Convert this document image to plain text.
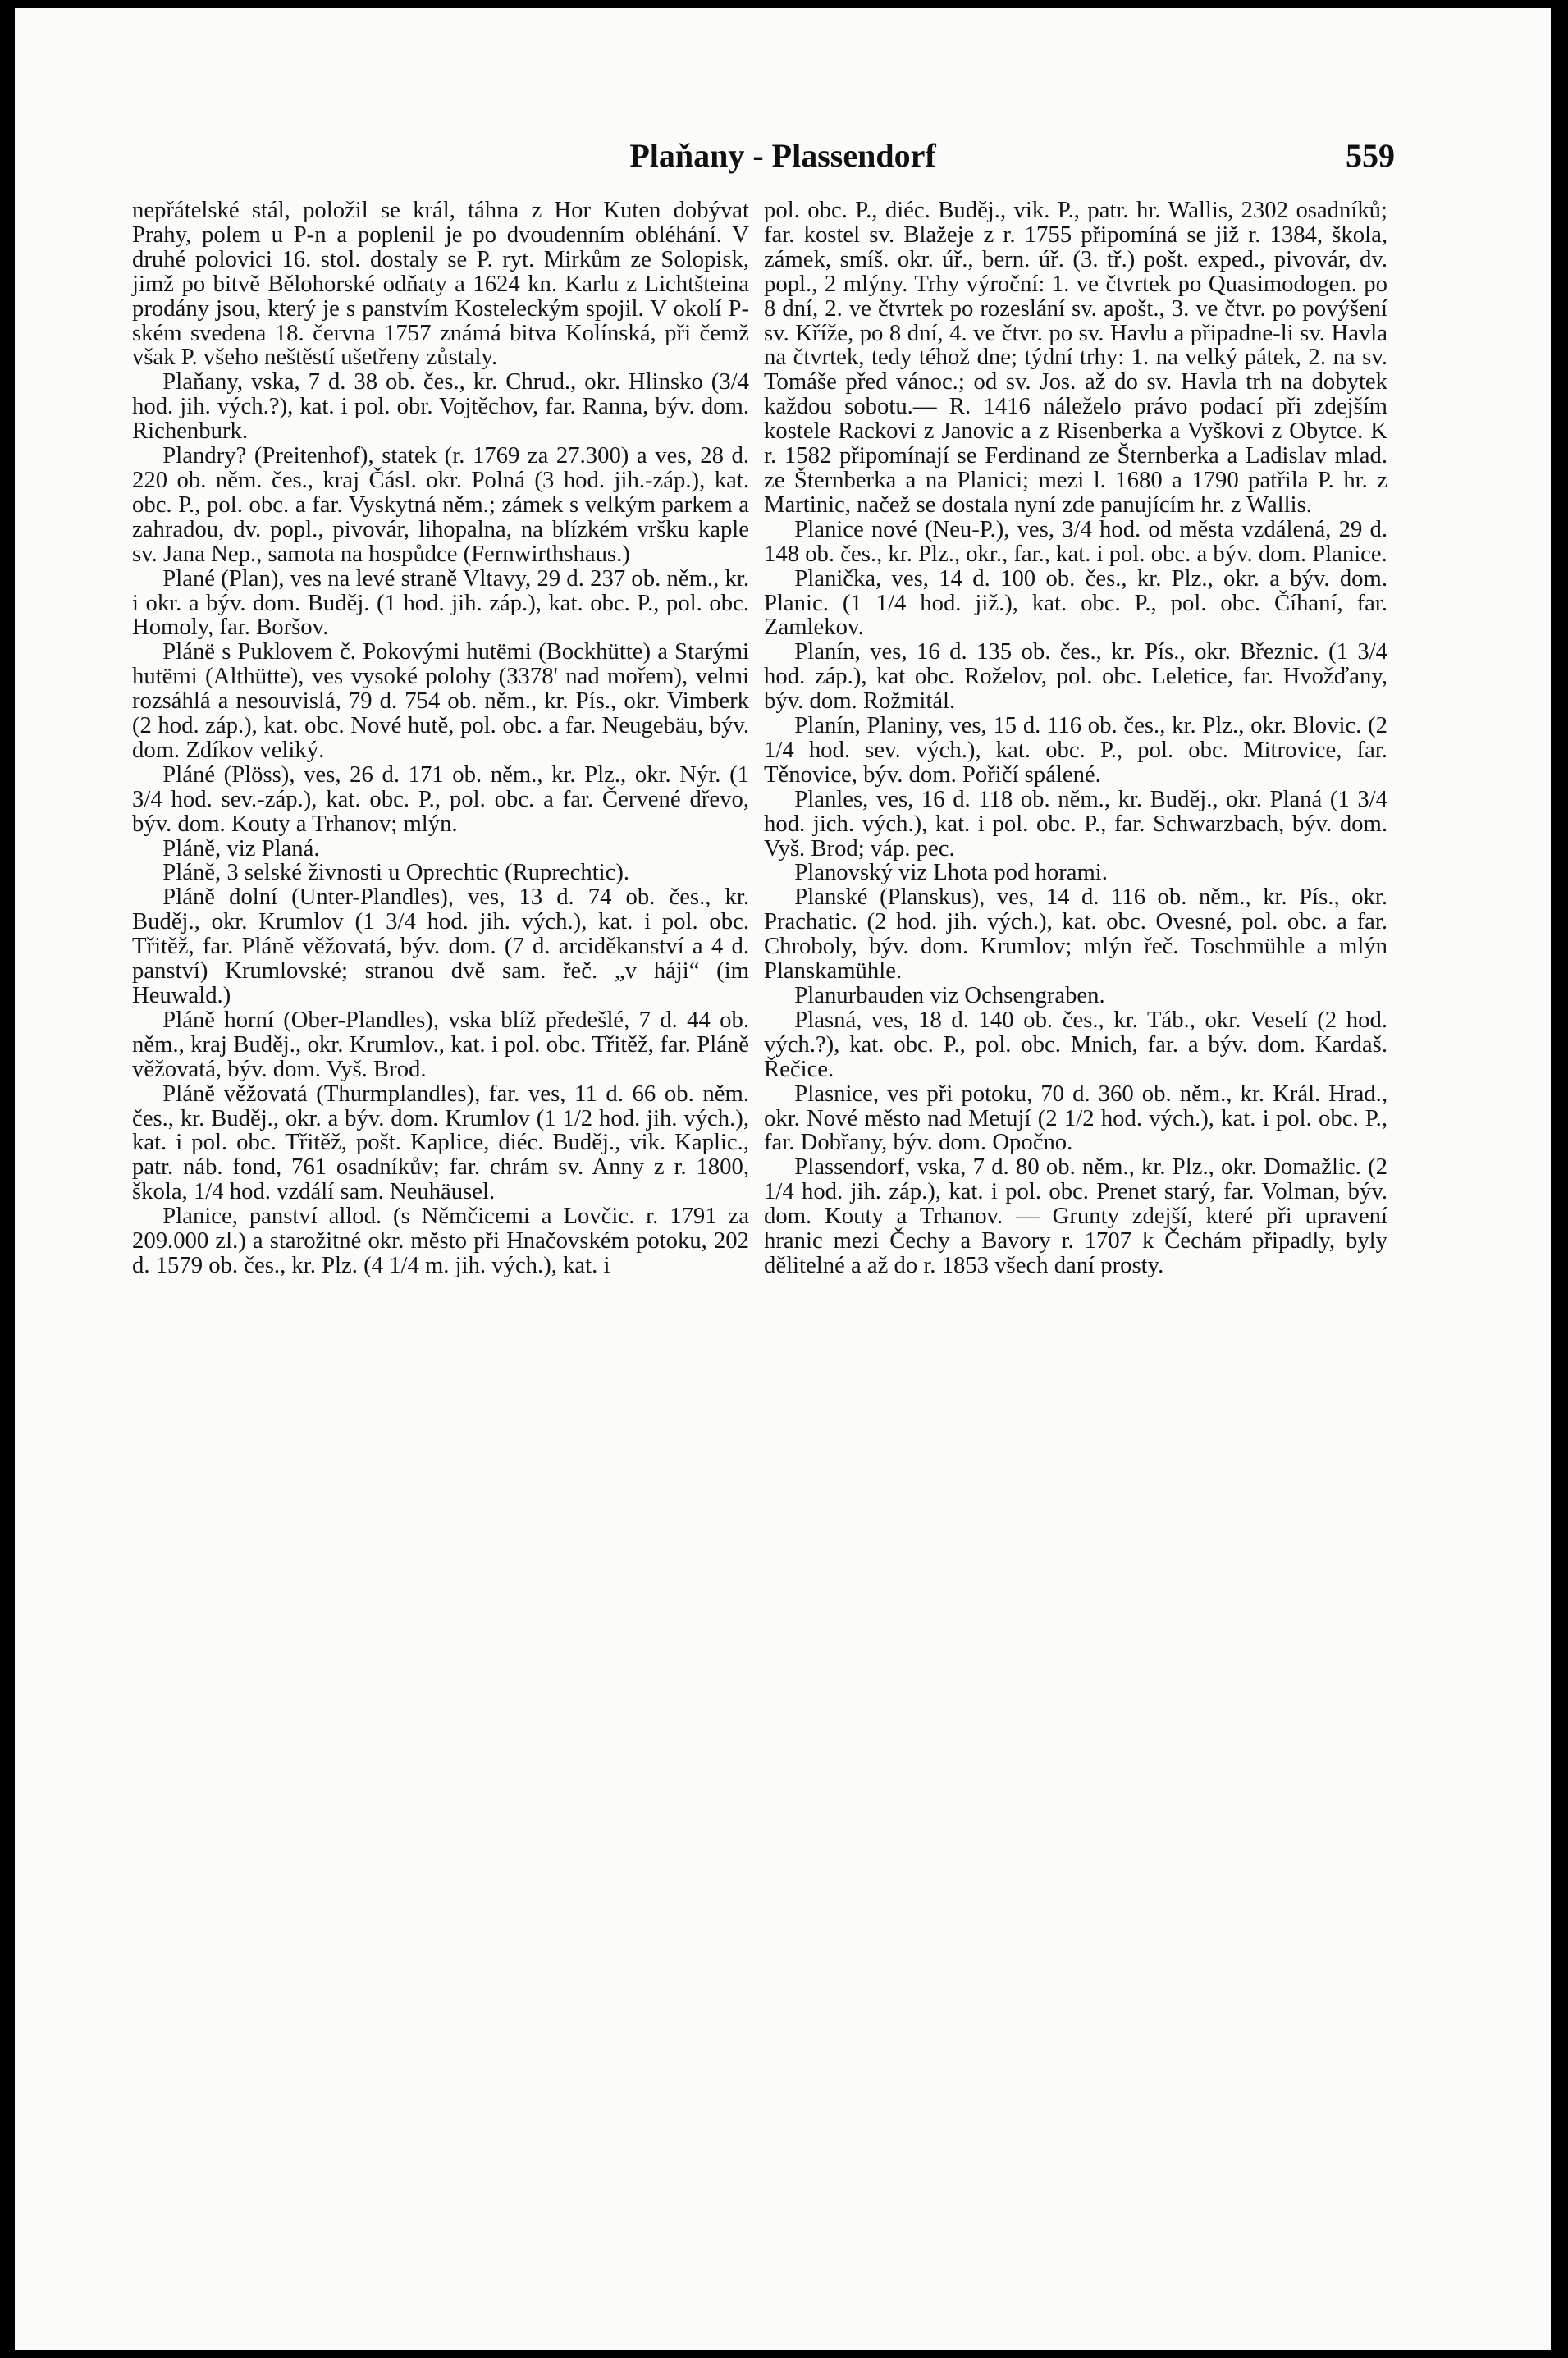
Plaňany - Plassendorf	559

nepřátelské stál, položil se král, táhna z Hor Kuten dobývat Prahy, polem u P-n a poplenil je po dvoudenním obléhání. V druhé polovici 16. stol. dostaly se P. ryt. Mirkům ze Solopisk, jimž po bitvě Bělohorské odňaty a 1624 kn. Karlu z Lichtšteina prodány jsou, který je s panstvím Kosteleckým spojil. V okolí P-ském svedena 18. června 1757 známá bitva Kolínská, při čemž však P. všeho neštěstí ušetřeny zůstaly.

Plaňany, vska, 7 d. 38 ob. čes., kr. Chrud., okr. Hlinsko (3/4 hod. jih. vých.?), kat. i pol. obr. Vojtěchov, far. Ranna, býv. dom. Richenburk.

Plandry? (Preitenhof), statek (r. 1769 za 27.300) a ves, 28 d. 220 ob. něm. čes., kraj Čásl. okr. Polná (3 hod. jih.-záp.), kat. obc. P., pol. obc. a far. Vyskytná něm.; zámek s velkým parkem a zahradou, dv. popl., pivovár, lihopalna, na blízkém vršku kaple sv. Jana Nep., samota na hospůdce (Fernwirthshaus.)

Plané (Plan), ves na levé straně Vltavy, 29 d. 237 ob. něm., kr. i okr. a býv. dom. Buděj. (1 hod. jih. záp.), kat. obc. P., pol. obc. Homoly, far. Boršov.

Plánë s Puklovem č. Pokovými hutëmi (Bockhütte) a Starými hutëmi (Althütte), ves vysoké polohy (3378' nad mořem), velmi rozsáhlá a nesouvislá, 79 d. 754 ob. něm., kr. Pís., okr. Vimberk (2 hod. záp.), kat. obc. Nové hutě, pol. obc. a far. Neugebäu, býv. dom. Zdíkov veliký.

Pláné (Plöss), ves, 26 d. 171 ob. něm., kr. Plz., okr. Nýr. (1 3/4 hod. sev.-záp.), kat. obc. P., pol. obc. a far. Červené dřevo, býv. dom. Kouty a Trhanov; mlýn.

Pláně, viz Planá.

Pláně, 3 selské živnosti u Oprechtic (Ruprechtic).

Pláně dolní (Unter-Plandles), ves, 13 d. 74 ob. čes., kr. Buděj., okr. Krumlov (1 3/4 hod. jih. vých.), kat. i pol. obc. Třitěž, far. Pláně věžovatá, býv. dom. (7 d. arciděkanství a 4 d. panství) Krumlovské; stranou dvě sam. řeč. „v háji“ (im Heuwald.)

Pláně horní (Ober-Plandles), vska blíž předešlé, 7 d. 44 ob. něm., kraj Buděj., okr. Krumlov., kat. i pol. obc. Třitěž, far. Pláně věžovatá, býv. dom. Vyš. Brod.

Pláně věžovatá (Thurmplandles), far. ves, 11 d. 66 ob. něm. čes., kr. Buděj., okr. a býv. dom. Krumlov (1 1/2 hod. jih. vých.), kat. i pol. obc. Třitěž, pošt. Kaplice, diéc. Buděj., vik. Kaplic., patr. náb. fond, 761 osadníkův; far. chrám sv. Anny z r. 1800, škola, 1/4 hod. vzdálí sam. Neuhäusel.

Planice, panství allod. (s Němčicemi a Lovčic. r. 1791 za 209.000 zl.) a starožitné okr. město při Hnačovském potoku, 202 d. 1579 ob. čes., kr. Plz. (4 1/4 m. jih. vých.), kat. i

pol. obc. P., diéc. Buděj., vik. P., patr. hr. Wallis, 2302 osadníků; far. kostel sv. Blažeje z r. 1755 připomíná se již r. 1384, škola, zámek, smíš. okr. úř., bern. úř. (3. tř.) pošt. exped., pivovár, dv. popl., 2 mlýny. Trhy výroční: 1. ve čtvrtek po Quasimodogen. po 8 dní, 2. ve čtvrtek po rozeslání sv. apošt., 3. ve čtvr. po povýšení sv. Kříže, po 8 dní, 4. ve čtvr. po sv. Havlu a připadne-li sv. Havla na čtvrtek, tedy téhož dne; týdní trhy: 1. na velký pátek, 2. na sv. Tomáše před vánoc.; od sv. Jos. až do sv. Havla trh na dobytek každou sobotu.— R. 1416 náleželo právo podací při zdejším kostele Rackovi z Janovic a z Risenberka a Vyškovi z Obytce. K r. 1582 připomínají se Ferdinand ze Šternberka a Ladislav mlad. ze Šternberka a na Planici; mezi l. 1680 a 1790 patřila P. hr. z Martinic, načež se dostala nyní zde panujícím hr. z Wallis.

Planice nové (Neu-P.), ves, 3/4 hod. od města vzdálená, 29 d. 148 ob. čes., kr. Plz., okr., far., kat. i pol. obc. a býv. dom. Planice.

Planička, ves, 14 d. 100 ob. čes., kr. Plz., okr. a býv. dom. Planic. (1 1/4 hod. již.), kat. obc. P., pol. obc. Číhaní, far. Zamlekov.

Planín, ves, 16 d. 135 ob. čes., kr. Pís., okr. Březnic. (1 3/4 hod. záp.), kat obc. Roželov, pol. obc. Leletice, far. Hvožďany, býv. dom. Rožmitál.

Planín, Planiny, ves, 15 d. 116 ob. čes., kr. Plz., okr. Blovic. (2 1/4 hod. sev. vých.), kat. obc. P., pol. obc. Mitrovice, far. Těnovice, býv. dom. Pořičí spálené.

Planles, ves, 16 d. 118 ob. něm., kr. Buděj., okr. Planá (1 3/4 hod. jich. vých.), kat. i pol. obc. P., far. Schwarzbach, býv. dom. Vyš. Brod; váp. pec.

Planovský viz Lhota pod horami.

Planské (Planskus), ves, 14 d. 116 ob. něm., kr. Pís., okr. Prachatic. (2 hod. jih. vých.), kat. obc. Ovesné, pol. obc. a far. Chroboly, býv. dom. Krumlov; mlýn řeč. Toschmühle a mlýn Planskamühle.

Planurbauden viz Ochsengraben.

Plasná, ves, 18 d. 140 ob. čes., kr. Táb., okr. Veselí (2 hod. vých.?), kat. obc. P., pol. obc. Mnich, far. a býv. dom. Kardaš. Řečice.

Plasnice, ves při potoku, 70 d. 360 ob. něm., kr. Král. Hrad., okr. Nové město nad Metují (2 1/2 hod. vých.), kat. i pol. obc. P., far. Dobřany, býv. dom. Opočno.

Plassendorf, vska, 7 d. 80 ob. něm., kr. Plz., okr. Domažlic. (2 1/4 hod. jih. záp.), kat. i pol. obc. Prenet starý, far. Volman, býv. dom. Kouty a Trhanov. — Grunty zdejší, které při upravení hranic mezi Čechy a Bavory r. 1707 k Čechám připadly, byly dělitelné a až do r. 1853 všech daní prosty.
